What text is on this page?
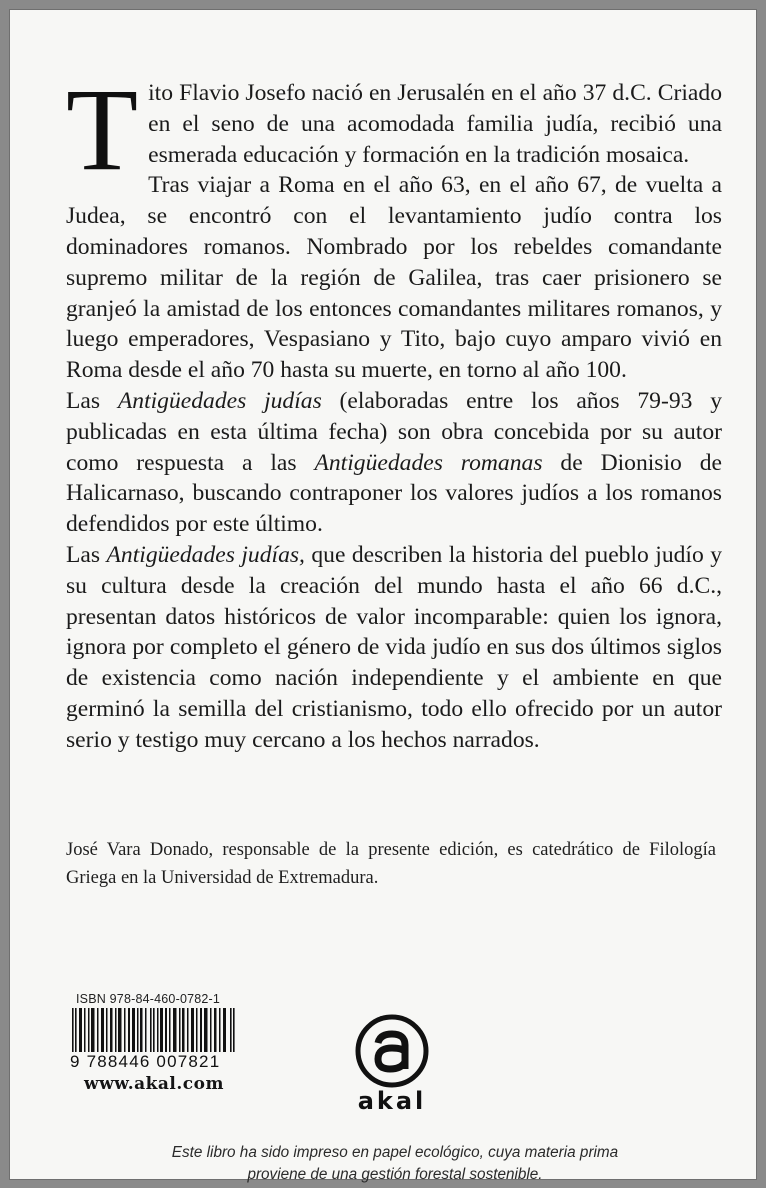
Tito Flavio Josefo nació en Jerusalén en el año 37 d.C. Criado en el seno de una acomodada familia judía, recibió una esmerada educación y formación en la tradición mosaica.

Tras viajar a Roma en el año 63, en el año 67, de vuelta a Judea, se encontró con el levantamiento judío contra los dominadores romanos. Nombrado por los rebeldes comandante supremo militar de la región de Galilea, tras caer prisionero se granjeó la amistad de los entonces comandantes militares romanos, y luego emperadores, Vespasiano y Tito, bajo cuyo amparo vivió en Roma desde el año 70 hasta su muerte, en torno al año 100.

Las Antigüedades judías (elaboradas entre los años 79-93 y publicadas en esta última fecha) son obra concebida por su autor como respuesta a las Antigüedades romanas de Dionisio de Halicarnaso, buscando contraponer los valores judíos a los romanos defendidos por este último.

Las Antigüedades judías, que describen la historia del pueblo judío y su cultura desde la creación del mundo hasta el año 66 d.C., presentan datos históricos de valor incomparable: quien los ignora, ignora por completo el género de vida judío en sus dos últimos siglos de existencia como nación independiente y el ambiente en que germinó la semilla del cristianismo, todo ello ofrecido por un autor serio y testigo muy cercano a los hechos narrados.

José Vara Donado, responsable de la presente edición, es catedrático de Filología Griega en la Universidad de Extremadura.
ISBN 978-84-460-0782-1
9 788446 007821
www.akal.com
akal
Este libro ha sido impreso en papel ecológico, cuya materia prima
proviene de una gestión forestal sostenible.
